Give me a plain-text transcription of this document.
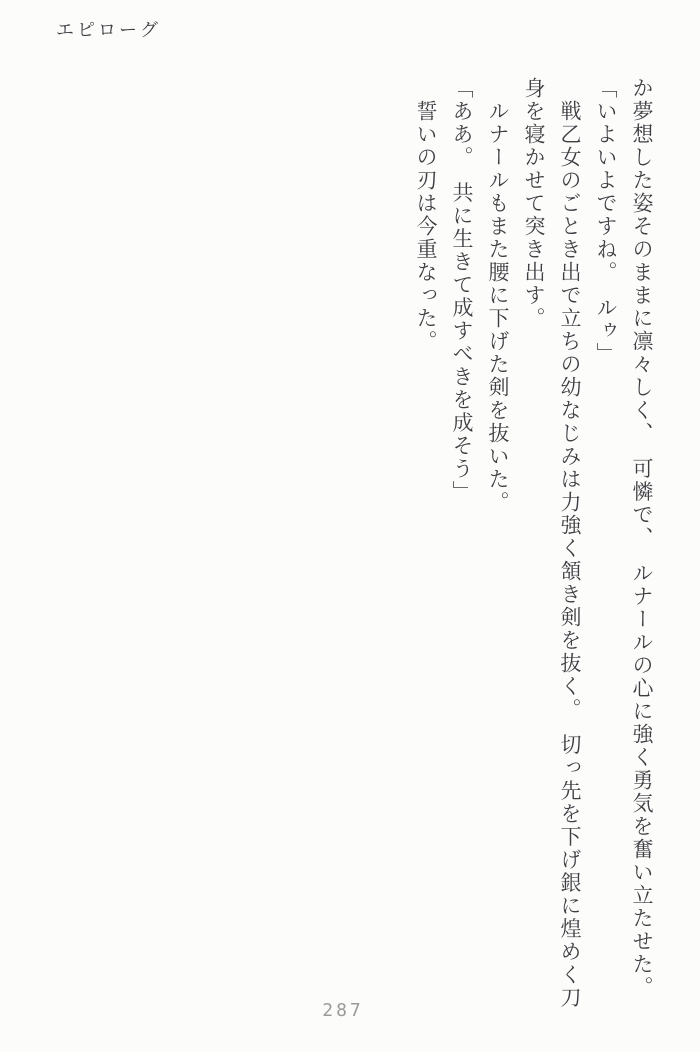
エピローグ

か夢想した姿そのままに凛々しく、　可憐で、　ルナールの心に強く勇気を奮い立たせた。

「いよいよですね。　ルゥ」

　戦乙女のごとき出で立ちの幼なじみは力強く頷き剣を抜く。　切っ先を下げ銀に煌めく刀

身を寝かせて突き出す。

　ルナールもまた腰に下げた剣を抜いた。

「ああ。　共に生きて成すべきを成そう」

　誓いの刃は今重なった。

287
